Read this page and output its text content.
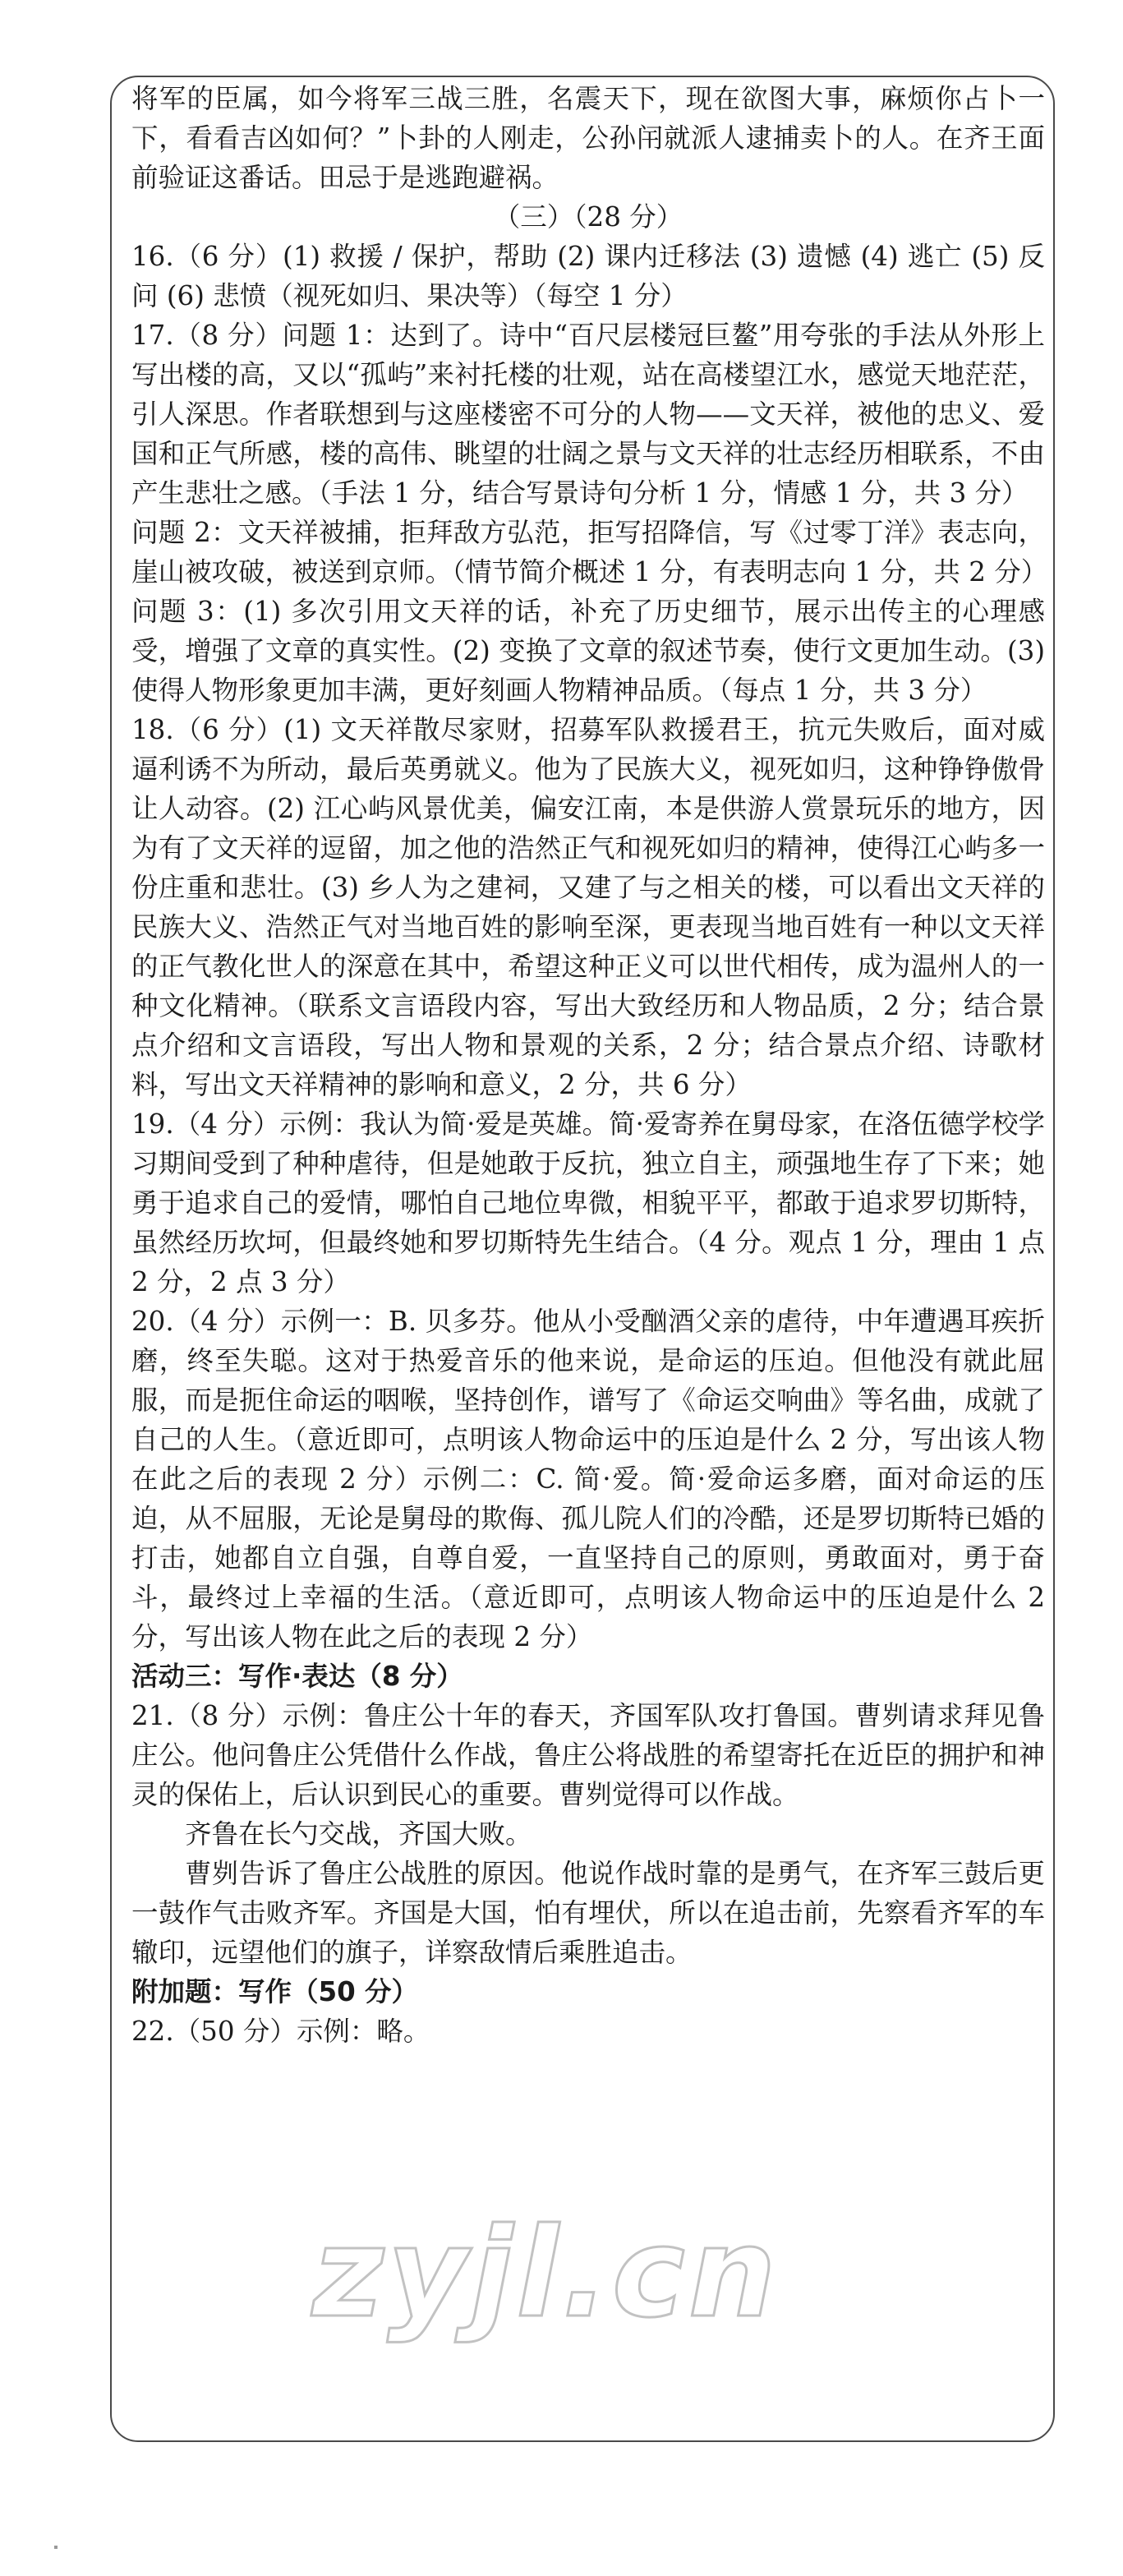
将军的臣属，如今将军三战三胜，名震天下，现在欲图大事，麻烦你占卜一下，看看吉凶如何？”卜卦的人刚走，公孙闬就派人逮捕卖卜的人。在齐王面前验证这番话。田忌于是逃跑避祸。

（三）（28 分）

16.（6 分）(1) 救援 / 保护，帮助 (2) 课内迁移法 (3) 遗憾 (4) 逃亡 (5) 反问 (6) 悲愤（视死如归、果决等）（每空 1 分）

17.（8 分）问题 1：达到了。诗中“百尺层楼冠巨鳌”用夸张的手法从外形上写出楼的高，又以“孤屿”来衬托楼的壮观，站在高楼望江水，感觉天地茫茫，引人深思。作者联想到与这座楼密不可分的人物——文天祥，被他的忠义、爱国和正气所感，楼的高伟、眺望的壮阔之景与文天祥的壮志经历相联系，不由产生悲壮之感。（手法 1 分，结合写景诗句分析 1 分，情感 1 分，共 3 分）

问题 2：文天祥被捕，拒拜敌方弘范，拒写招降信，写《过零丁洋》表志向，崖山被攻破，被送到京师。（情节简介概述 1 分，有表明志向 1 分，共 2 分）

问题 3：(1) 多次引用文天祥的话，补充了历史细节，展示出传主的心理感受，增强了文章的真实性。(2) 变换了文章的叙述节奏，使行文更加生动。(3) 使得人物形象更加丰满，更好刻画人物精神品质。（每点 1 分，共 3 分）

18.（6 分）(1) 文天祥散尽家财，招募军队救援君王，抗元失败后，面对威逼利诱不为所动，最后英勇就义。他为了民族大义，视死如归，这种铮铮傲骨让人动容。(2) 江心屿风景优美，偏安江南，本是供游人赏景玩乐的地方，因为有了文天祥的逗留，加之他的浩然正气和视死如归的精神，使得江心屿多一份庄重和悲壮。(3) 乡人为之建祠，又建了与之相关的楼，可以看出文天祥的民族大义、浩然正气对当地百姓的影响至深，更表现当地百姓有一种以文天祥的正气教化世人的深意在其中，希望这种正义可以世代相传，成为温州人的一种文化精神。（联系文言语段内容，写出大致经历和人物品质，2 分；结合景点介绍和文言语段，写出人物和景观的关系，2 分；结合景点介绍、诗歌材料，写出文天祥精神的影响和意义，2 分，共 6 分）

19.（4 分）示例：我认为简·爱是英雄。简·爱寄养在舅母家，在洛伍德学校学习期间受到了种种虐待，但是她敢于反抗，独立自主，顽强地生存了下来；她勇于追求自己的爱情，哪怕自己地位卑微，相貌平平，都敢于追求罗切斯特，虽然经历坎坷，但最终她和罗切斯特先生结合。（4 分。观点 1 分，理由 1 点 2 分，2 点 3 分）

20.（4 分）示例一：B. 贝多芬。他从小受酗酒父亲的虐待，中年遭遇耳疾折磨，终至失聪。这对于热爱音乐的他来说，是命运的压迫。但他没有就此屈服，而是扼住命运的咽喉，坚持创作，谱写了《命运交响曲》等名曲，成就了自己的人生。（意近即可，点明该人物命运中的压迫是什么 2 分，写出该人物在此之后的表现 2 分）示例二：C. 简·爱。简·爱命运多磨，面对命运的压迫，从不屈服，无论是舅母的欺侮、孤儿院人们的冷酷，还是罗切斯特已婚的打击，她都自立自强，自尊自爱，一直坚持自己的原则，勇敢面对，勇于奋斗，最终过上幸福的生活。（意近即可，点明该人物命运中的压迫是什么 2 分，写出该人物在此之后的表现 2 分）

活动三：写作·表达（8 分）

21.（8 分）示例：鲁庄公十年的春天，齐国军队攻打鲁国。曹刿请求拜见鲁庄公。他问鲁庄公凭借什么作战，鲁庄公将战胜的希望寄托在近臣的拥护和神灵的保佑上，后认识到民心的重要。曹刿觉得可以作战。

齐鲁在长勺交战，齐国大败。

曹刿告诉了鲁庄公战胜的原因。他说作战时靠的是勇气，在齐军三鼓后更一鼓作气击败齐军。齐国是大国，怕有埋伏，所以在追击前，先察看齐军的车辙印，远望他们的旗子，详察敌情后乘胜追击。

附加题：写作（50 分）

22.（50 分）示例：略。

zyjl.cn
